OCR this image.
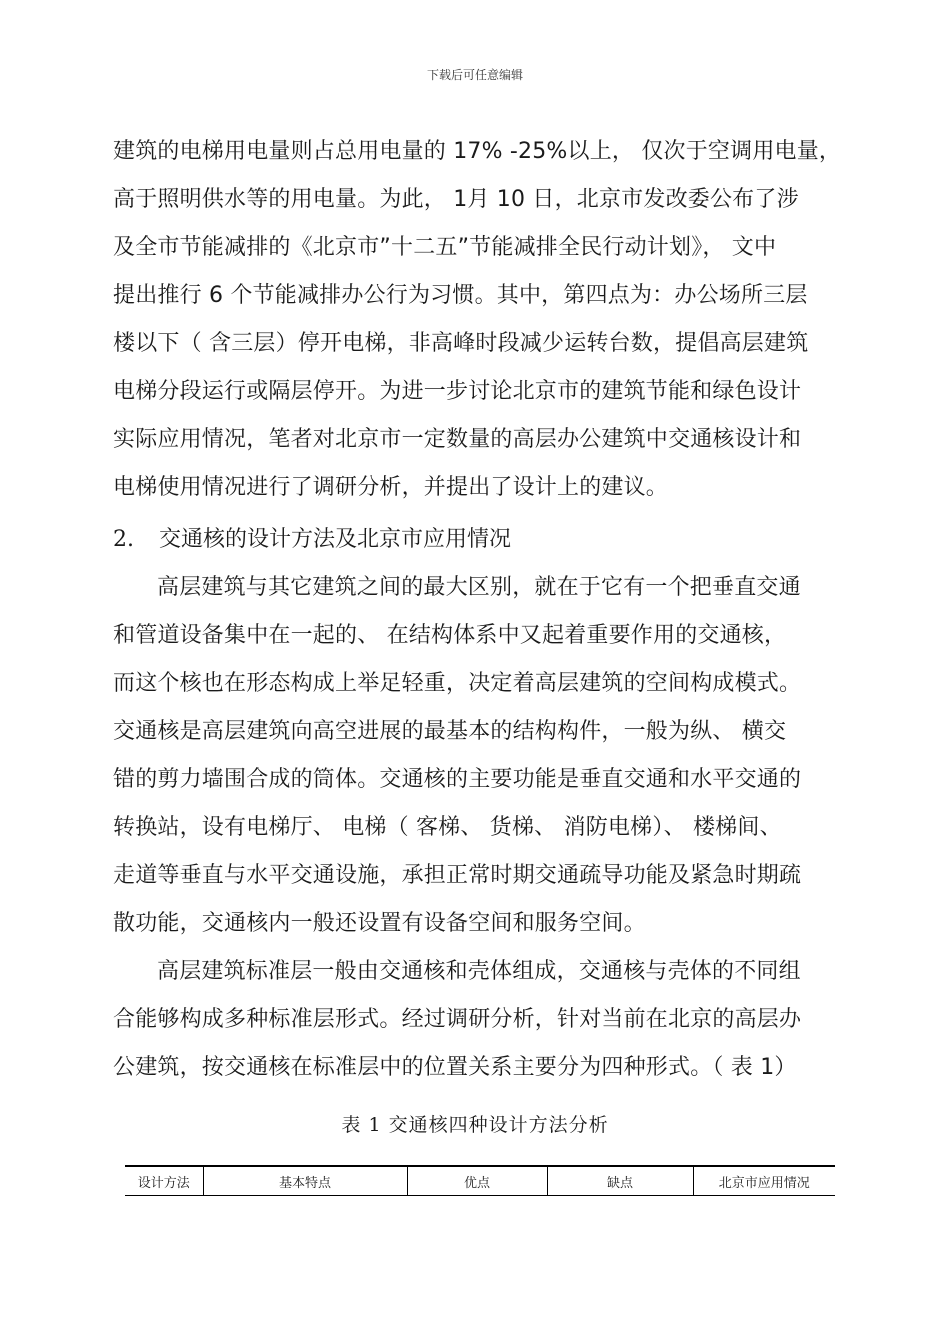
下载后可任意编辑
建筑的电梯用电量则占总用电量的 17% -25%以上， 仅次于空调用电量，
高于照明供水等的用电量。为此， 1月 10 日，北京市发改委公布了涉
及全市节能减排的《北京市”十二五”节能减排全民行动计划》， 文中
提出推行 6 个节能减排办公行为习惯。其中，第四点为：办公场所三层
楼以下（ 含三层）停开电梯，非高峰时段减少运转台数，提倡高层建筑
电梯分段运行或隔层停开。为进一步讨论北京市的建筑节能和绿色设计
实际应用情况，笔者对北京市一定数量的高层办公建筑中交通核设计和
电梯使用情况进行了调研分析，并提出了设计上的建议。
2. 交通核的设计方法及北京市应用情况
高层建筑与其它建筑之间的最大区别，就在于它有一个把垂直交通
和管道设备集中在一起的、 在结构体系中又起着重要作用的交通核，
而这个核也在形态构成上举足轻重，决定着高层建筑的空间构成模式。
交通核是高层建筑向高空进展的最基本的结构构件，一般为纵、 横交
错的剪力墙围合成的筒体。交通核的主要功能是垂直交通和水平交通的
转换站，设有电梯厅、 电梯（ 客梯、 货梯、 消防电梯）、 楼梯间、
走道等垂直与水平交通设施，承担正常时期交通疏导功能及紧急时期疏
散功能，交通核内一般还设置有设备空间和服务空间。
高层建筑标准层一般由交通核和壳体组成，交通核与壳体的不同组
合能够构成多种标准层形式。经过调研分析，针对当前在北京的高层办
公建筑，按交通核在标准层中的位置关系主要分为四种形式。（ 表 1）
表 1 交通核四种设计方法分析
设计方法	基本特点	优点	缺点	北京市应用情况
